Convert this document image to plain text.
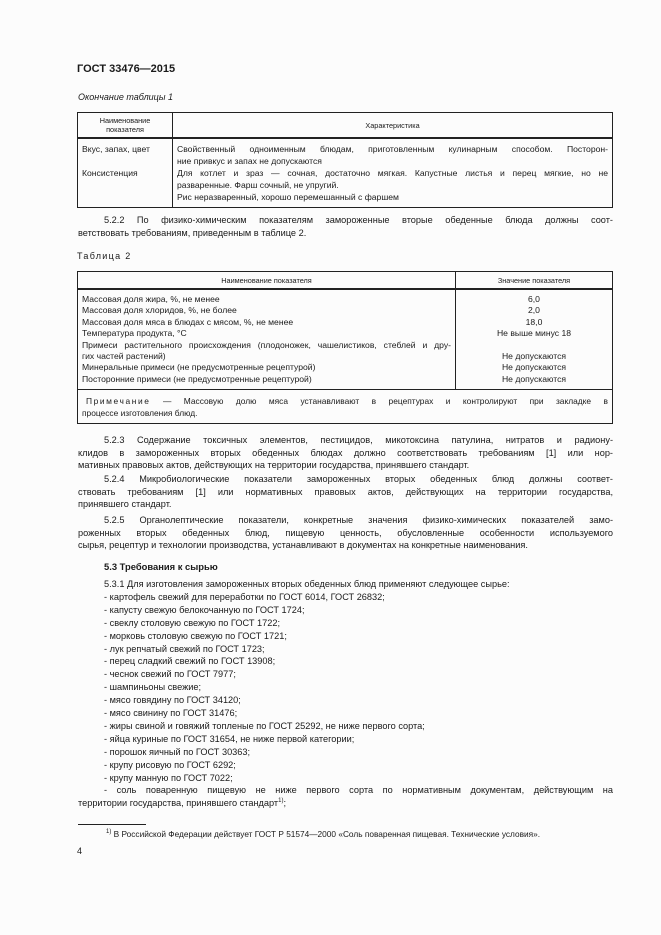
ГОСТ 33476—2015
Окончание таблицы 1
Наименование показателя	Характеристика
Вкус, запах, цвет	Свойственный одноименным блюдам, приготовленным кулинарным способом. Посторон-
ние привкус и запах не допускаются

Консистенция	Для котлет и зраз — сочная, достаточно мягкая. Капустные листья и перец мягкие, но не
разваренные. Фарш сочный, не упругий.
Рис неразваренный, хорошо перемешанный с фаршем
5.2.2 По физико-химическим показателям замороженные вторые обеденные блюда должны соот-
ветствовать требованиям, приведенным в таблице 2.
Таблица 2
Наименование показателя	Значение показателя
Массовая доля жира, %, не менее	6,0
Массовая доля хлоридов, %, не более	2,0
Массовая доля мяса в блюдах с мясом, %, не менее	18,0
Температура продукта, °С	Не выше минус 18

Примеси растительного происхождения (плодоножек, чашелистиков, стеблей и дру-
гих частей растений)	Не допускаются
Минеральные примеси (не предусмотренные рецептурой)	Не допускаются
Посторонние примеси (не предусмотренные рецептурой)	Не допускаются

Примечание — Массовую долю мяса устанавливают в рецептурах и контролируют при закладке в
процессе изготовления блюд.	
5.2.3 Содержание токсичных элементов, пестицидов, микотоксина патулина, нитратов и радиону-
клидов в замороженных вторых обеденных блюдах должно соответствовать требованиям [1] или нор-
мативных правовых актов, действующих на территории государства, принявшего стандарт.
5.2.4 Микробиологические показатели замороженных вторых обеденных блюд должны соответ-
ствовать требованиям [1] или нормативных правовых актов, действующих на территории государства,
принявшего стандарт.
5.2.5 Органолептические показатели, конкретные значения физико-химических показателей замо-
роженных вторых обеденных блюд, пищевую ценность, обусловленные особенности используемого
сырья, рецептур и технологии производства, устанавливают в документах на конкретные наименования.
5.3 Требования к сырью
5.3.1 Для изготовления замороженных вторых обеденных блюд применяют следующее сырье:
- картофель свежий для переработки по ГОСТ 6014, ГОСТ 26832;
- капусту свежую белокочанную по ГОСТ 1724;
- свеклу столовую свежую по ГОСТ 1722;
- морковь столовую свежую по ГОСТ 1721;
- лук репчатый свежий по ГОСТ 1723;
- перец сладкий свежий по ГОСТ 13908;
- чеснок свежий по ГОСТ 7977;
- шампиньоны свежие;
- мясо говядину по ГОСТ 34120;
- мясо свинину по ГОСТ 31476;
- жиры свиной и говяжий топленые по ГОСТ 25292, не ниже первого сорта;
- яйца куриные по ГОСТ 31654, не ниже первой категории;
- порошок яичный по ГОСТ 30363;
- крупу рисовую по ГОСТ 6292;
- крупу манную по ГОСТ 7022;
- соль поваренную пищевую не ниже первого сорта по нормативным документам, действующим на
территории государства, принявшего стандарт$^{1)}$;
$^{1)}$ В Российской Федерации действует ГОСТ Р 51574—2000 «Соль поваренная пищевая. Технические условия».
4
